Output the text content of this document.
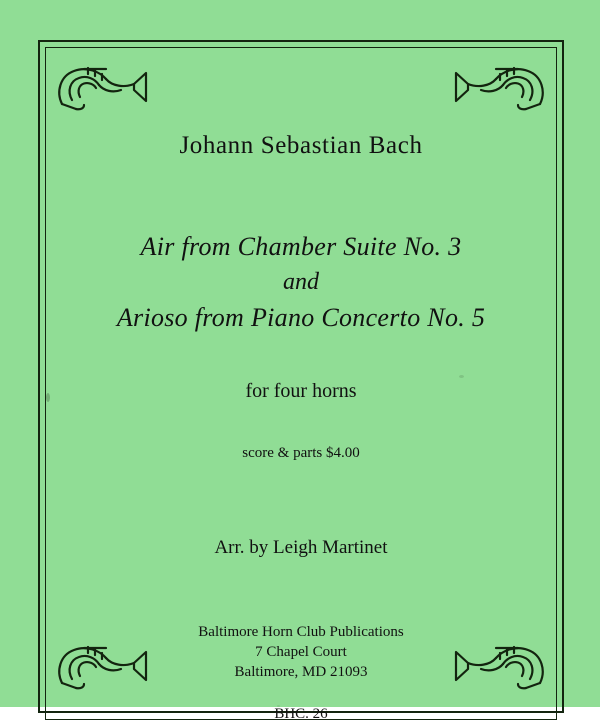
Johann Sebastian Bach
Air from Chamber Suite No. 3
and
Arioso from Piano Concerto No. 5
for four horns
score & parts $4.00
Arr. by Leigh Martinet
Baltimore Horn Club Publications
7 Chapel Court
Baltimore, MD 21093
BHC. 26
